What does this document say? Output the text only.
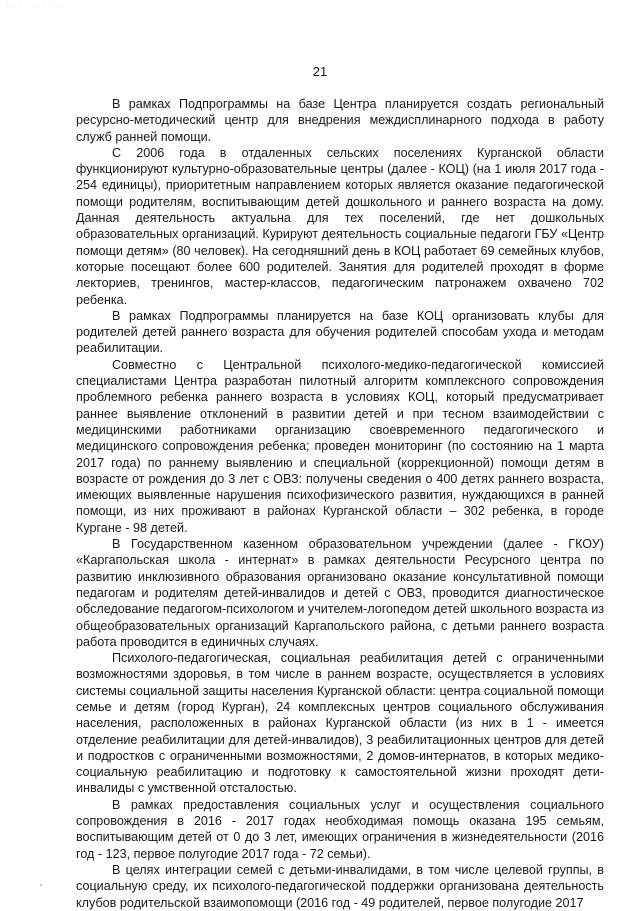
· · · · · · · · · ·
21

В рамках Подпрограммы на базе Центра планируется создать региональный ресурсно-методический центр для внедрения междисплинарного подхода в работу служб ранней помощи.

С 2006 года в отдаленных сельских поселениях Курганской области функционируют культурно-образовательные центры (далее - КОЦ) (на 1 июля 2017 года - 254 единицы), приоритетным направлением которых является оказание педагогической помощи родителям, воспитывающим детей дошкольного и раннего возраста на дому. Данная деятельность актуальна для тех поселений, где нет дошкольных образовательных организаций. Курируют деятельность социальные педагоги ГБУ «Центр помощи детям» (80 человек). На сегодняшний день в КОЦ работает 69 семейных клубов, которые посещают более 600 родителей. Занятия для родителей проходят в форме лекториев, тренингов, мастер-классов, педагогическим патронажем охвачено 702 ребенка.

В рамках Подпрограммы планируется на базе КОЦ организовать клубы для родителей детей раннего возраста для обучения родителей способам ухода и методам реабилитации.

Совместно с Центральной психолого-медико-педагогической комиссией специалистами Центра разработан пилотный алгоритм комплексного сопровождения проблемного ребенка раннего возраста в условиях КОЦ, который предусматривает раннее выявление отклонений в развитии детей и при тесном взаимодействии с медицинскими работниками организацию своевременного педагогического и медицинского сопровождения ребенка; проведен мониторинг (по состоянию на 1 марта 2017 года) по раннему выявлению и специальной (коррекционной) помощи детям в возрасте от рождения до 3 лет с ОВЗ: получены сведения о 400 детях раннего возраста, имеющих выявленные нарушения психофизического развития, нуждающихся в ранней помощи, из них проживают в районах Курганской области – 302 ребенка, в городе Кургане - 98 детей.

В Государственном казенном образовательном учреждении (далее - ГКОУ) «Каргапольская школа - интернат» в рамках деятельности Ресурсного центра по развитию инклюзивного образования организовано оказание консультативной помощи педагогам и родителям детей-инвалидов и детей с ОВЗ, проводится диагностическое обследование педагогом-психологом и учителем-логопедом детей школьного возраста из общеобразовательных организаций Каргапольского района, с детьми раннего возраста работа проводится в единичных случаях.

Психолого-педагогическая, социальная реабилитация детей с ограниченными возможностями здоровья, в том числе в раннем возрасте, осуществляется в условиях системы социальной защиты населения Курганской области: центра социальной помощи семье и детям (город Курган), 24 комплексных центров социального обслуживания населения, расположенных в районах Курганской области (из них в 1 - имеется отделение реабилитации для детей-инвалидов), 3 реабилитационных центров для детей и подростков с ограниченными возможностями, 2 домов-интернатов, в которых медико-социальную реабилитацию и подготовку к самостоятельной жизни проходят дети-инвалиды с умственной отсталостью.

В рамках предоставления социальных услуг и осуществления социального сопровождения в 2016 - 2017 годах необходимая помощь оказана 195 семьям, воспитывающим детей от 0 до 3 лет, имеющих ограничения в жизнедеятельности (2016 год - 123, первое полугодие 2017 года - 72 семьи).

В целях интеграции семей с детьми-инвалидами, в том числе целевой группы, в социальную среду, их психолого-педагогической поддержки организована деятельность клубов родительской взаимопомощи (2016 год - 49 родителей, первое полугодие 2017
